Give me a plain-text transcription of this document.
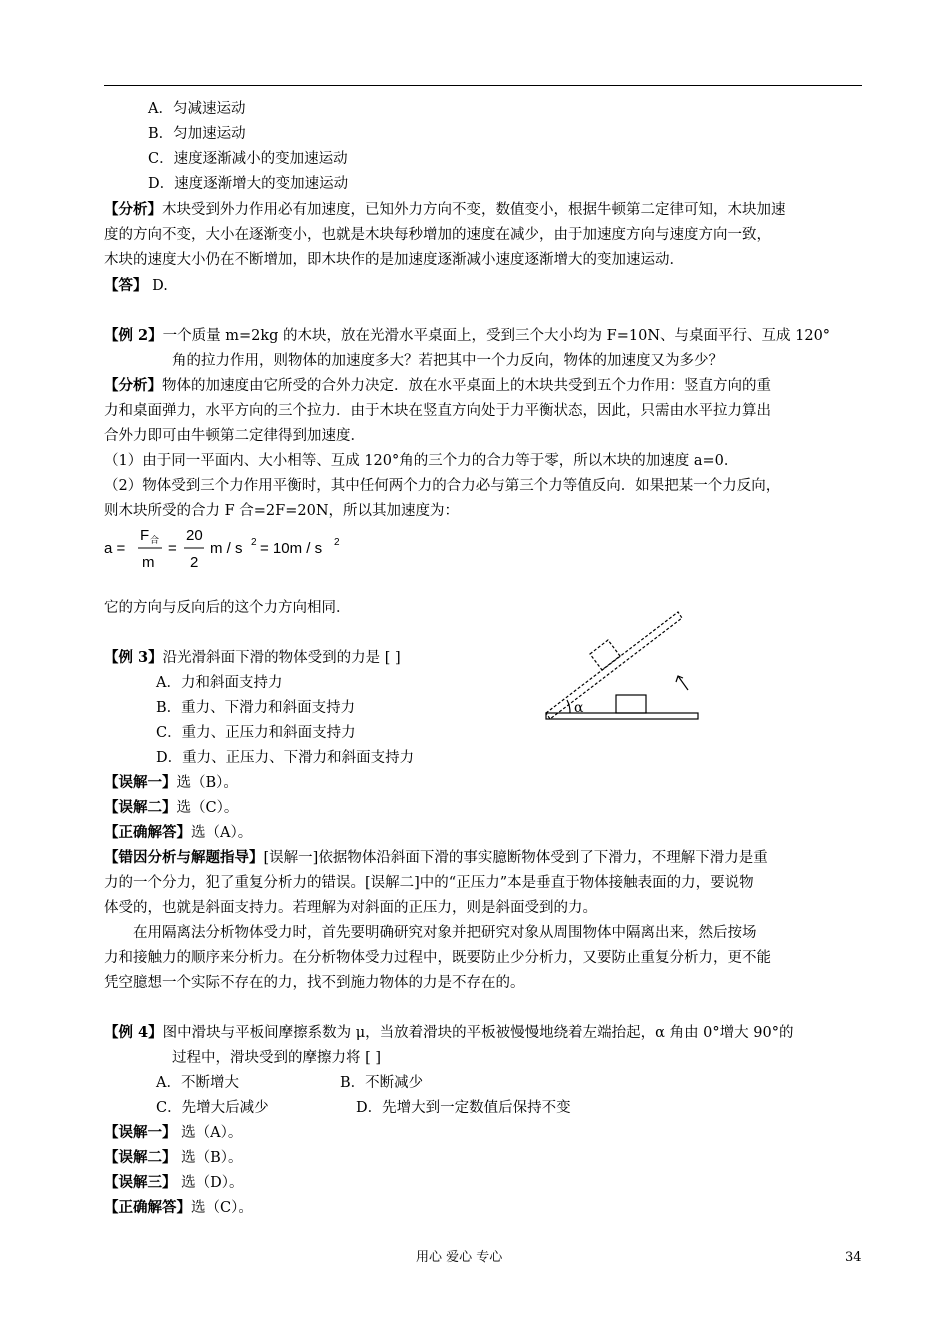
A．匀减速运动
B．匀加速运动
C．速度逐渐减小的变加速运动
D．速度逐渐增大的变加速运动
【分析】木块受到外力作用必有加速度，已知外力方向不变，数值变小，根据牛顿第二定律可知，木块加速
度的方向不变，大小在逐渐变小，也就是木块每秒增加的速度在减少，由于加速度方向与速度方向一致，
木块的速度大小仍在不断增加，即木块作的是加速度逐渐减小速度逐渐增大的变加速运动．
【答】 D.
【例 2】一个质量 m=2kg 的木块，放在光滑水平桌面上，受到三个大小均为 F=10N、与桌面平行、互成 120°
角的拉力作用，则物体的加速度多大？若把其中一个力反向，物体的加速度又为多少？
【分析】物体的加速度由它所受的合外力决定．放在水平桌面上的木块共受到五个力作用：竖直方向的重
力和桌面弹力，水平方向的三个拉力．由于木块在竖直方向处于力平衡状态，因此，只需由水平拉力算出
合外力即可由牛顿第二定律得到加速度．
（1）由于同一平面内、大小相等、互成 120°角的三个力的合力等于零，所以木块的加速度 a=0．
（2）物体受到三个力作用平衡时，其中任何两个力的合力必与第三个力等值反向．如果把某一个力反向，
则木块所受的合力 F 合=2F=20N，所以其加速度为：
a =
F 合
m
=
20
2
m / s 2 = 10m / s 2
它的方向与反向后的这个力方向相同．
【例 3】沿光滑斜面下滑的物体受到的力是 [ ]
A．力和斜面支持力
B．重力、下滑力和斜面支持力
C．重力、正压力和斜面支持力
D．重力、正压力、下滑力和斜面支持力
α
【误解一】选（B）。
【误解二】选（C）。
【正确解答】选（A）。
【错因分析与解题指导】[误解一]依据物体沿斜面下滑的事实臆断物体受到了下滑力，不理解下滑力是重
力的一个分力，犯了重复分析力的错误。[误解二]中的“正压力”本是垂直于物体接触表面的力，要说物
体受的，也就是斜面支持力。若理解为对斜面的正压力，则是斜面受到的力。
在用隔离法分析物体受力时，首先要明确研究对象并把研究对象从周围物体中隔离出来，然后按场
力和接触力的顺序来分析力。在分析物体受力过程中，既要防止少分析力，又要防止重复分析力，更不能
凭空臆想一个实际不存在的力，找不到施力物体的力是不存在的。
【例 4】图中滑块与平板间摩擦系数为 μ，当放着滑块的平板被慢慢地绕着左端抬起，α 角由 0°增大 90°的
过程中，滑块受到的摩擦力将 [ ]
A．不断增大	B．不断减少
C．先增大后减少	D．先增大到一定数值后保持不变
【误解一】 选（A）。
【误解二】 选（B）。
【误解三】 选（D）。
【正确解答】选（C）。
用心 爱心 专心	34
